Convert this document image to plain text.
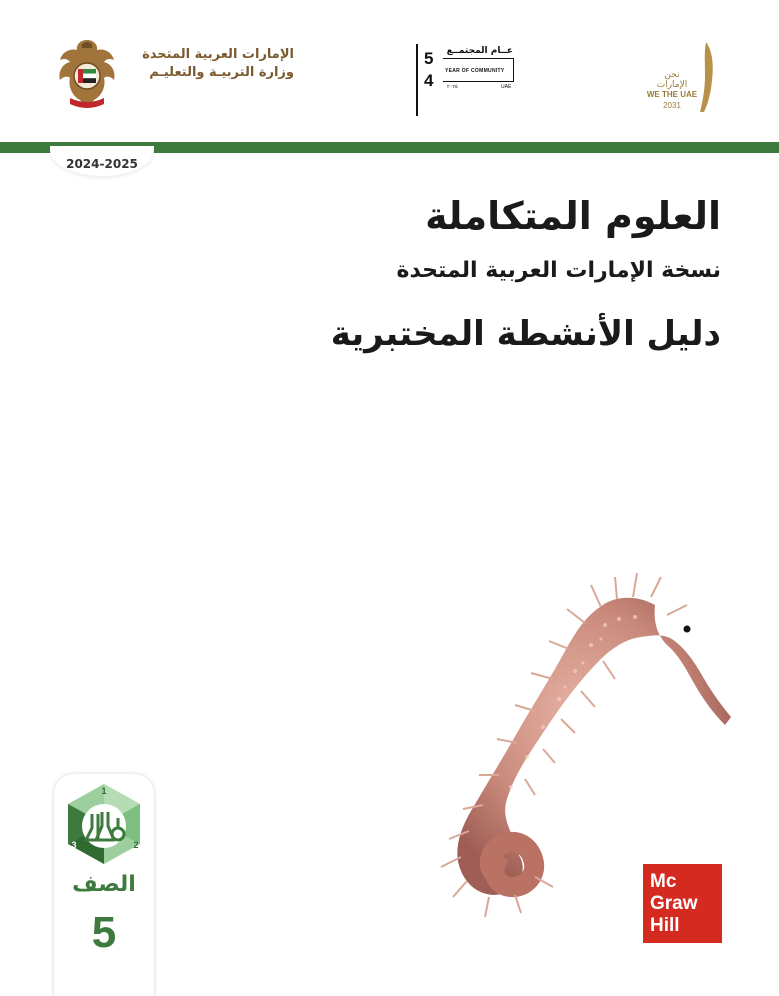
الإمارات العربية المتحدة
وزارة التربيـة والتعليـم
5
4
عــام المجتمــع
YEAR OF COMMUNITY
٢٠٢٥	UAE
نحن
الإمارات
WE THE UAE
2031
2024-2025
العلوم المتكاملة
نسخة الإمارات العربية المتحدة
دليل الأنشطة المختبرية
1
2
3
الصف
5
Mc
Graw
Hill
